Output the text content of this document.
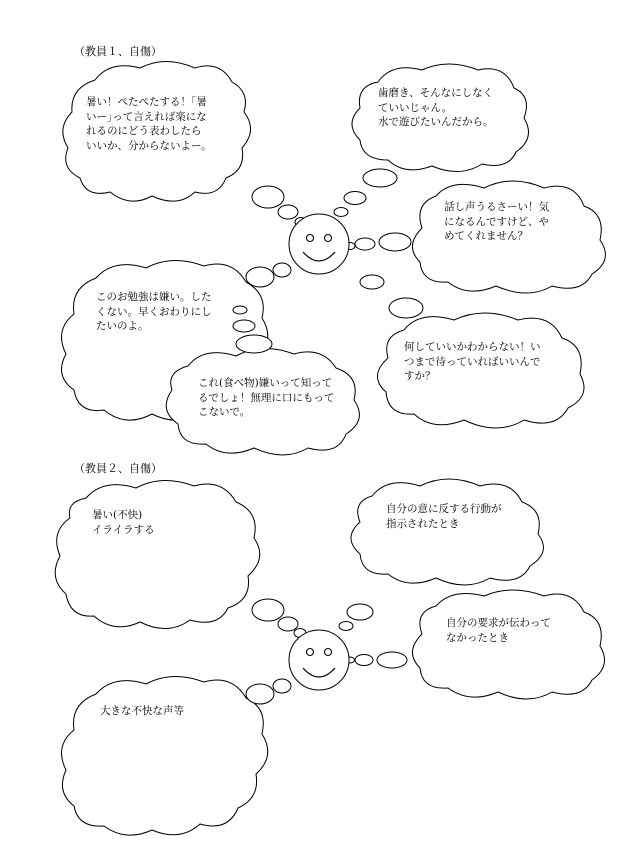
（教員１、自傷）
（教員２、自傷）
暑い！ぺたぺたする！｢暑
いー｣って言えれば楽にな
れるのにどう表わしたら
いいか、分からないよー。
歯磨き、そんなにしなく
ていいじゃん。
水で遊びたいんだから。
話し声うるさーい！気
になるんですけど、や
めてくれません？
このお勉強は嫌い。した
くない。早くおわりにし
たいのよ。
何していいかわからない！い
つまで待っていればいいんで
すか？
これ(食べ物)嫌いって知って
るでしょ！無理に口にもって
こないで。
暑い(不快)
イライラする
自分の意に反する行動が
指示されたとき
自分の要求が伝わって
なかったとき
大きな不快な声等
